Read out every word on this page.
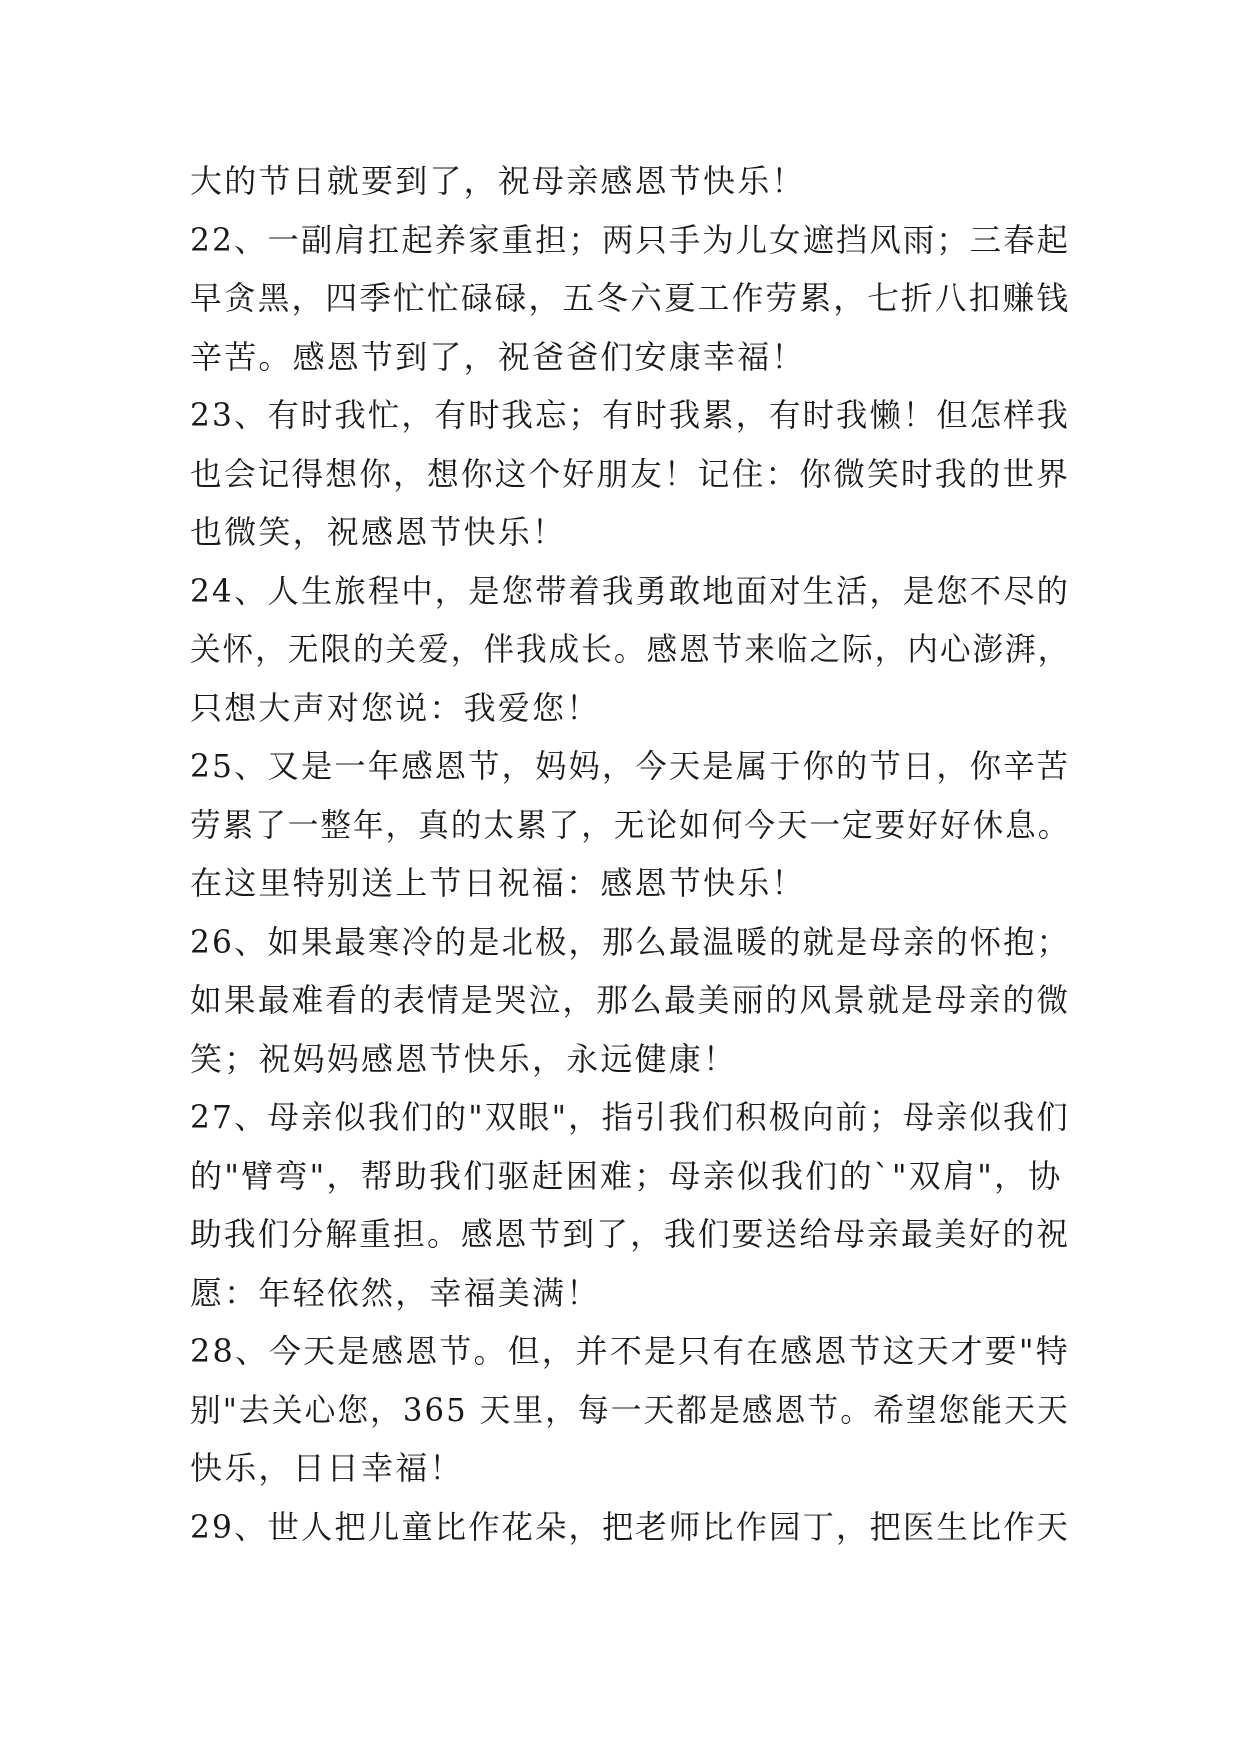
大的节日就要到了，祝母亲感恩节快乐！
22、一副肩扛起养家重担；两只手为儿女遮挡风雨；三春起
早贪黑，四季忙忙碌碌，五冬六夏工作劳累，七折八扣赚钱
辛苦。感恩节到了，祝爸爸们安康幸福！
23、有时我忙，有时我忘；有时我累，有时我懒！但怎样我
也会记得想你，想你这个好朋友！记住：你微笑时我的世界
也微笑，祝感恩节快乐！
24、人生旅程中，是您带着我勇敢地面对生活，是您不尽的
关怀，无限的关爱，伴我成长。感恩节来临之际，内心澎湃，
只想大声对您说：我爱您！
25、又是一年感恩节，妈妈，今天是属于你的节日，你辛苦
劳累了一整年，真的太累了，无论如何今天一定要好好休息。
在这里特别送上节日祝福：感恩节快乐！
26、如果最寒冷的是北极，那么最温暖的就是母亲的怀抱；
如果最难看的表情是哭泣，那么最美丽的风景就是母亲的微
笑；祝妈妈感恩节快乐，永远健康！
27、母亲似我们的"双眼"，指引我们积极向前；母亲似我们
的"臂弯"，帮助我们驱赶困难；母亲似我们的`"双肩"，协
助我们分解重担。感恩节到了，我们要送给母亲最美好的祝
愿：年轻依然，幸福美满！
28、今天是感恩节。但，并不是只有在感恩节这天才要"特
别"去关心您，365 天里，每一天都是感恩节。希望您能天天
快乐，日日幸福！
29、世人把儿童比作花朵，把老师比作园丁，把医生比作天
